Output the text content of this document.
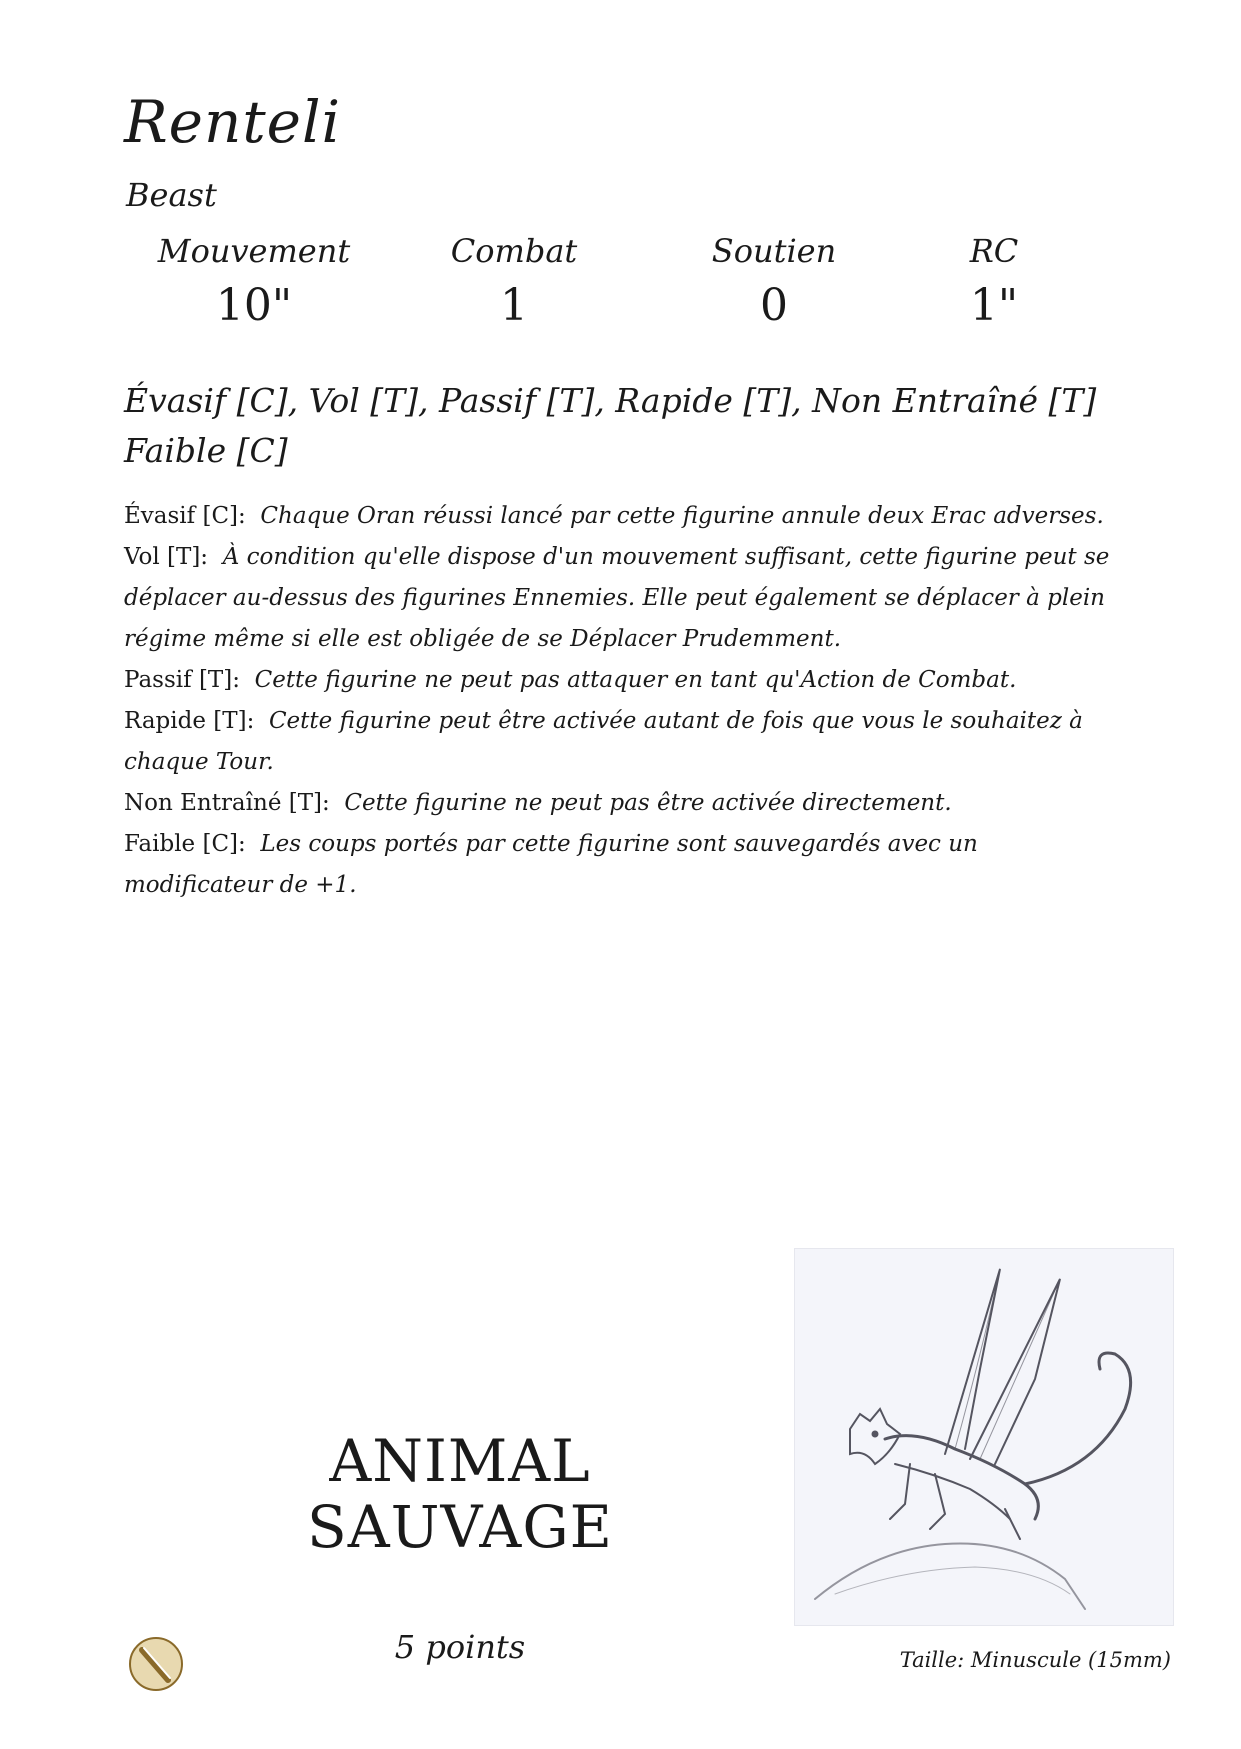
Renteli
Beast
Mouvement
10"
Combat
1
Soutien
0
RC
1"
Évasif [C], Vol [T], Passif [T], Rapide [T], Non Entraîné [T]
Faible [C]
Évasif [C]: Chaque Oran réussi lancé par cette figurine annule deux Erac adverses.
Vol [T]: À condition qu'elle dispose d'un mouvement suffisant, cette figurine peut se déplacer au-dessus des figurines Ennemies. Elle peut également se déplacer à plein régime même si elle est obligée de se Déplacer Prudemment.
Passif [T]: Cette figurine ne peut pas attaquer en tant qu'Action de Combat.
Rapide [T]: Cette figurine peut être activée autant de fois que vous le souhaitez à chaque Tour.
Non Entraîné [T]: Cette figurine ne peut pas être activée directement.
Faible [C]: Les coups portés par cette figurine sont sauvegardés avec un modificateur de +1.
ANIMAL
SAUVAGE
5 points	Taille: Minuscule (15mm)
